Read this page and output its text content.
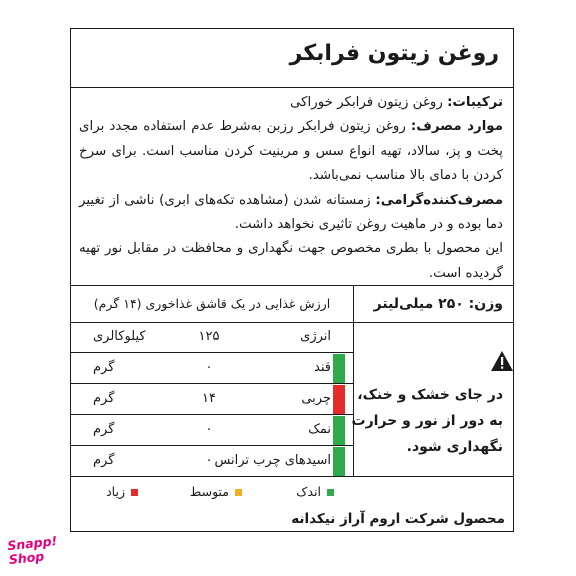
روغن زیتون فرابکر

ترکیبات: روغن زیتون فرابکر خوراکی

موارد مصرف: روغن زیتون فرابکر رزبن به‌شرط عدم استفاده مجدد برای پخت و پز، سالاد، تهیه انواع سس و مرینیت کردن مناسب است. برای سرخ کردن با دمای بالا مناسب نمی‌باشد.

مصرف‌کننده‌گرامی: زمستانه شدن (مشاهده تکه‌های ابری) ناشی از تغییر دما بوده و در ماهیت روغن تاثیری نخواهد داشت.

این محصول با بطری مخصوص جهت نگهداری و محافظت در مقابل نور تهیه گردیده است.

ارزش غذایی در یک قاشق غذاخوری (۱۴ گرم)
انرژی
۱۲۵
کیلوکالری
قند
۰
گرم
چربی
۱۴
گرم
نمک
۰
گرم
اسیدهای چرب ترانس
۰
گرم
وزن: ۲۵۰ میلی‌لیتر
در جای خشک و خنک،
به دور از نور و حرارت
نگهداری شود.
اندک
متوسط
زیاد
محصول شرکت اروم آراز نیکدانه
Snapp!
Shop
